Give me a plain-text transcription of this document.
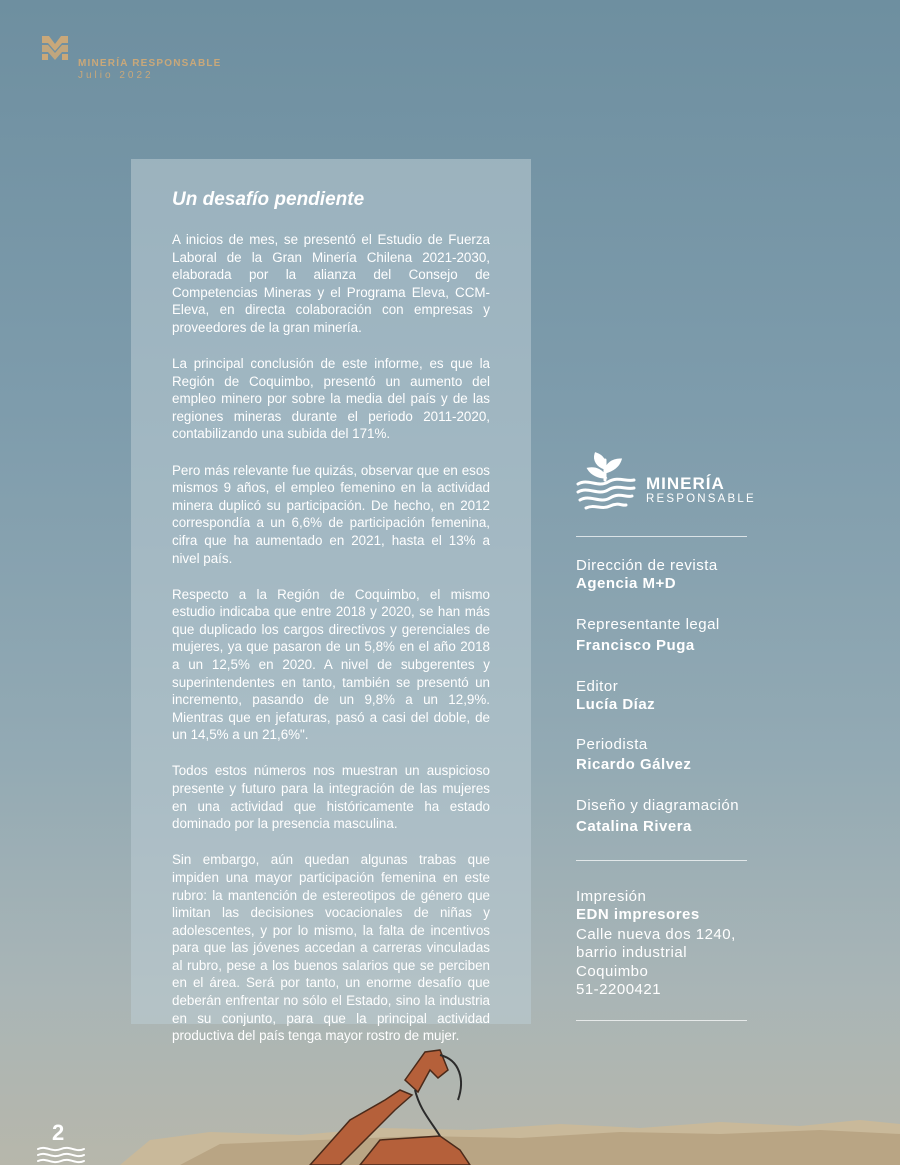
MINERÍA RESPONSABLE
Julio 2022
Un desafío pendiente

A inicios de mes, se presentó el Estudio de Fuerza Laboral de la Gran Minería Chilena 2021-2030, elaborada por la alianza del Consejo de Competencias Mineras y el Programa Eleva, CCM-Eleva, en directa colaboración con empresas y proveedores de la gran minería.

La principal conclusión de este informe, es que la Región de Coquimbo, presentó un aumento del empleo minero por sobre la media del país y de las regiones mineras durante el periodo 2011-2020, contabilizando una subida del 171%.

Pero más relevante fue quizás, observar que en esos mismos 9 años, el empleo femenino en la actividad minera duplicó su participación. De hecho, en 2012 correspondía a un 6,6% de participación femenina, cifra que ha aumentado en 2021, hasta el 13% a nivel país.

Respecto a la Región de Coquimbo, el mismo estudio indicaba que entre 2018 y 2020, se han más que duplicado los cargos directivos y gerenciales de mujeres, ya que pasaron de un 5,8% en el año 2018 a un 12,5% en 2020. A nivel de subgerentes y superintendentes en tanto, también se presentó un incremento, pasando de un 9,8% a un 12,9%. Mientras que en jefaturas, pasó a casi del doble, de un 14,5% a un 21,6%".

Todos estos números nos muestran un auspicioso presente y futuro para la integración de las mujeres en una actividad que históricamente ha estado dominado por la presencia masculina.

Sin embargo, aún quedan algunas trabas que impiden una mayor participación femenina en este rubro: la mantención de estereotipos de género que limitan las decisiones vocacionales de niñas y adolescentes, y por lo mismo, la falta de incentivos para que las jóvenes accedan a carreras vinculadas al rubro, pese a los buenos salarios que se perciben en el área. Será por tanto, un enorme desafío que deberán enfrentar no sólo el Estado, sino la industria en su conjunto, para que la principal actividad productiva del país tenga mayor rostro de mujer.

MINERÍA
RESPONSABLE
Dirección de revista
Agencia M+D
Representante legal
Francisco Puga
Editor
Lucía Díaz
Periodista
Ricardo Gálvez
Diseño y diagramación
Catalina Rivera
Impresión
EDN impresores
Calle nueva dos 1240,
barrio industrial
Coquimbo
51-2200421
2
